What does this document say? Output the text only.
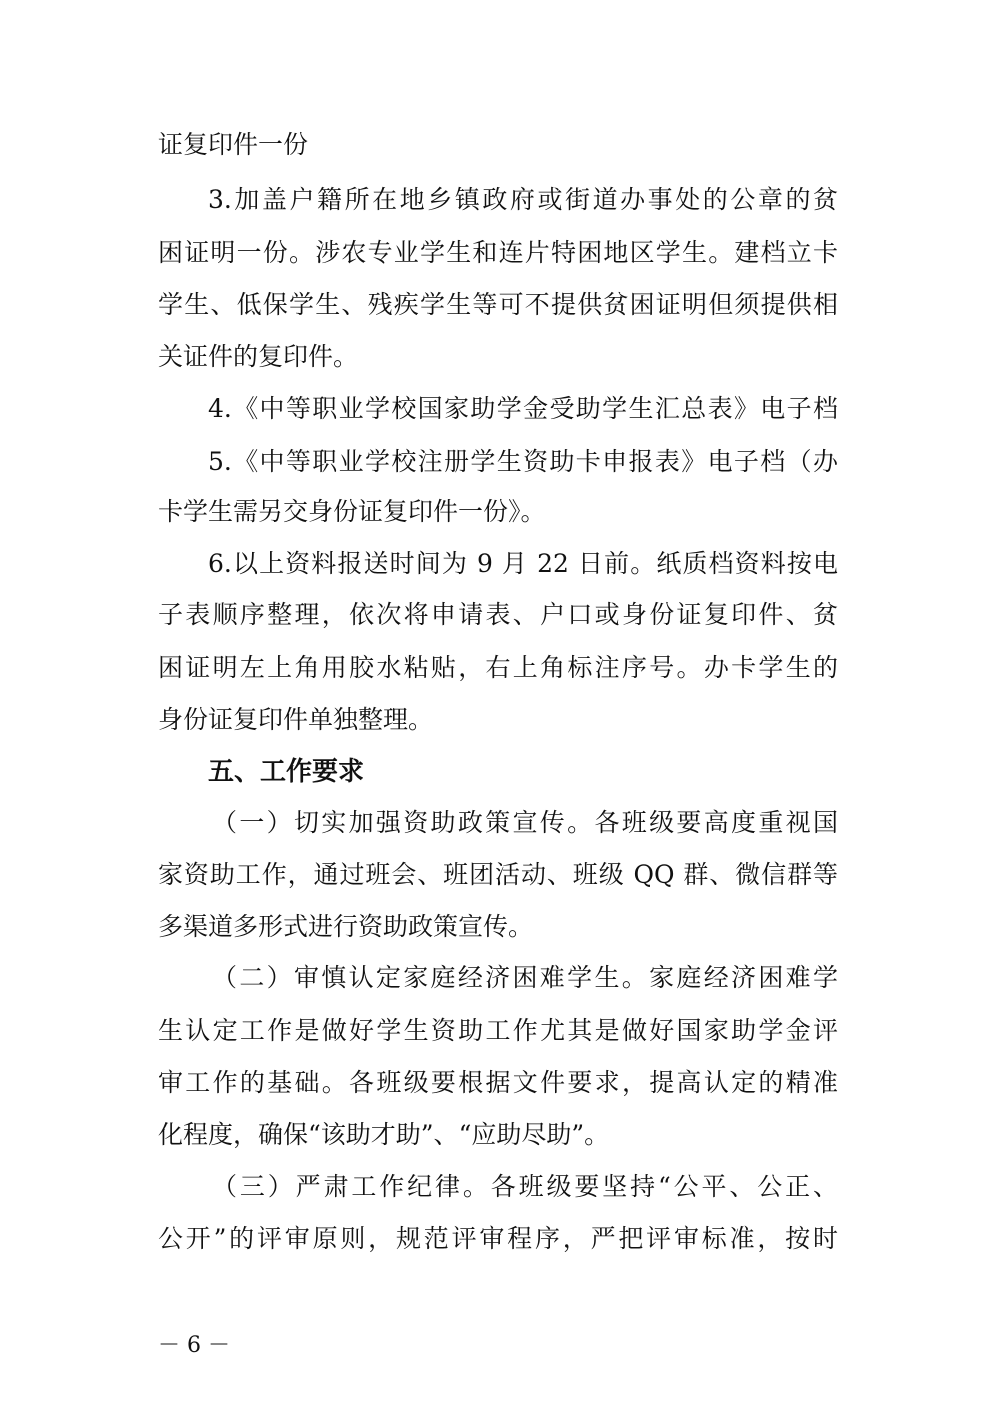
证复印件一份
3.加盖户籍所在地乡镇政府或街道办事处的公章的贫
困证明一份。涉农专业学生和连片特困地区学生。建档立卡
学生、低保学生、残疾学生等可不提供贫困证明但须提供相
关证件的复印件。
4.《中等职业学校国家助学金受助学生汇总表》电子档
5.《中等职业学校注册学生资助卡申报表》电子档（办
卡学生需另交身份证复印件一份》。
6.以上资料报送时间为 9 月 22 日前。纸质档资料按电
子表顺序整理，依次将申请表、户口或身份证复印件、贫
困证明左上角用胶水粘贴，右上角标注序号。办卡学生的
身份证复印件单独整理。
五、工作要求
（一）切实加强资助政策宣传。各班级要高度重视国
家资助工作，通过班会、班团活动、班级 QQ 群、微信群等
多渠道多形式进行资助政策宣传。
（二）审慎认定家庭经济困难学生。家庭经济困难学
生认定工作是做好学生资助工作尤其是做好国家助学金评
审工作的基础。各班级要根据文件要求，提高认定的精准
化程度，确保“该助才助”、“应助尽助”。
（三）严肃工作纪律。各班级要坚持“公平、公正、
公开”的评审原则，规范评审程序，严把评审标准，按时
－ 6 －
